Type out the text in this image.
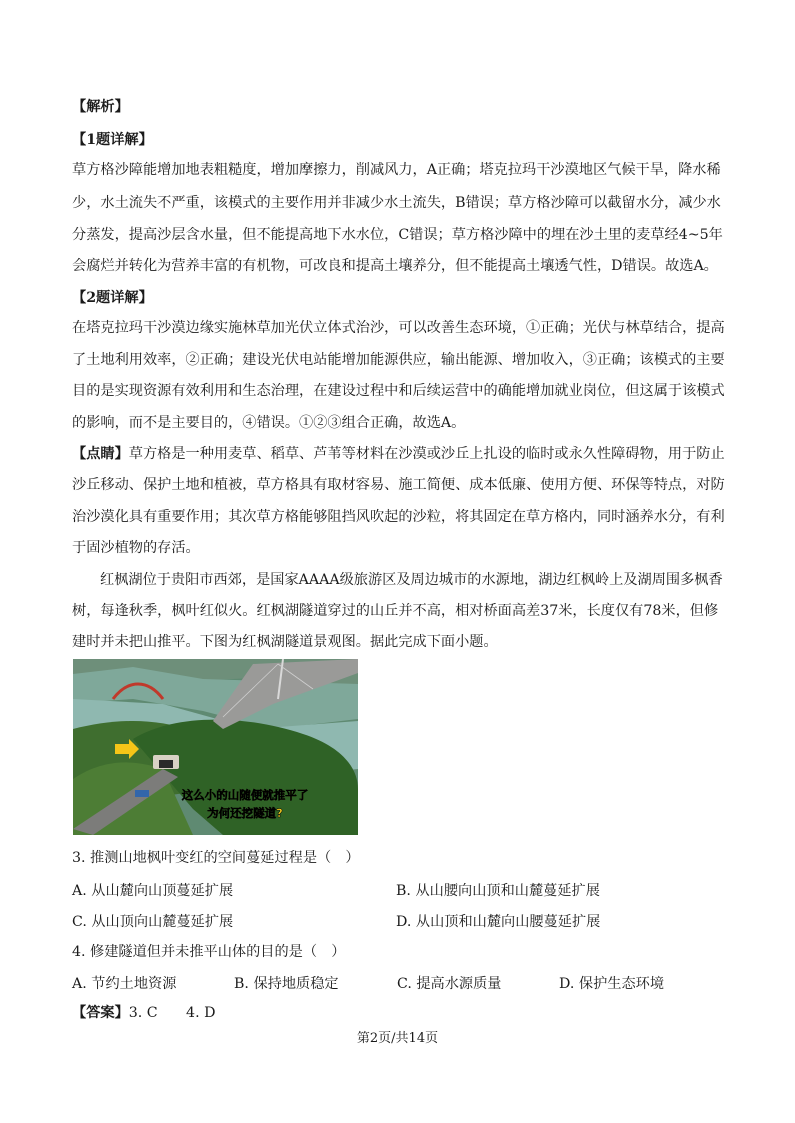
【解析】
【1题详解】
草方格沙障能增加地表粗糙度，增加摩擦力，削减风力，A正确；塔克拉玛干沙漠地区气候干旱，降水稀
少，水土流失不严重，该模式的主要作用并非减少水土流失，B错误；草方格沙障可以截留水分，减少水
分蒸发，提高沙层含水量，但不能提高地下水水位，C错误；草方格沙障中的埋在沙土里的麦草经4~5年
会腐烂并转化为营养丰富的有机物，可改良和提高土壤养分，但不能提高土壤透气性，D错误。故选A。
【2题详解】
在塔克拉玛干沙漠边缘实施林草加光伏立体式治沙，可以改善生态环境，①正确；光伏与林草结合，提高
了土地利用效率，②正确；建设光伏电站能增加能源供应，输出能源、增加收入，③正确；该模式的主要
目的是实现资源有效利用和生态治理，在建设过程中和后续运营中的确能增加就业岗位，但这属于该模式
的影响，而不是主要目的，④错误。①②③组合正确，故选A。
【点睛】草方格是一种用麦草、稻草、芦苇等材料在沙漠或沙丘上扎设的临时或永久性障碍物，用于防止
沙丘移动、保护土地和植被，草方格具有取材容易、施工简便、成本低廉、使用方便、环保等特点，对防
治沙漠化具有重要作用；其次草方格能够阻挡风吹起的沙粒，将其固定在草方格内，同时涵养水分，有利
于固沙植物的存活。
红枫湖位于贵阳市西郊，是国家AAAA级旅游区及周边城市的水源地，湖边红枫岭上及湖周围多枫香
树，每逢秋季，枫叶红似火。红枫湖隧道穿过的山丘并不高，相对桥面高差37米，长度仅有78米，但修
建时并未把山推平。下图为红枫湖隧道景观图。据此完成下面小题。
这么小的山随便就推平了
为何还挖隧道?
3. 推测山地枫叶变红的空间蔓延过程是（　）
A. 从山麓向山顶蔓延扩展	B. 从山腰向山顶和山麓蔓延扩展
C. 从山顶向山麓蔓延扩展	D. 从山顶和山麓向山腰蔓延扩展
4. 修建隧道但并未推平山体的目的是（　）
A. 节约土地资源	B. 保持地质稳定	C. 提高水源质量	D. 保护生态环境
【答案】3. C　　4. D
第2页/共14页
